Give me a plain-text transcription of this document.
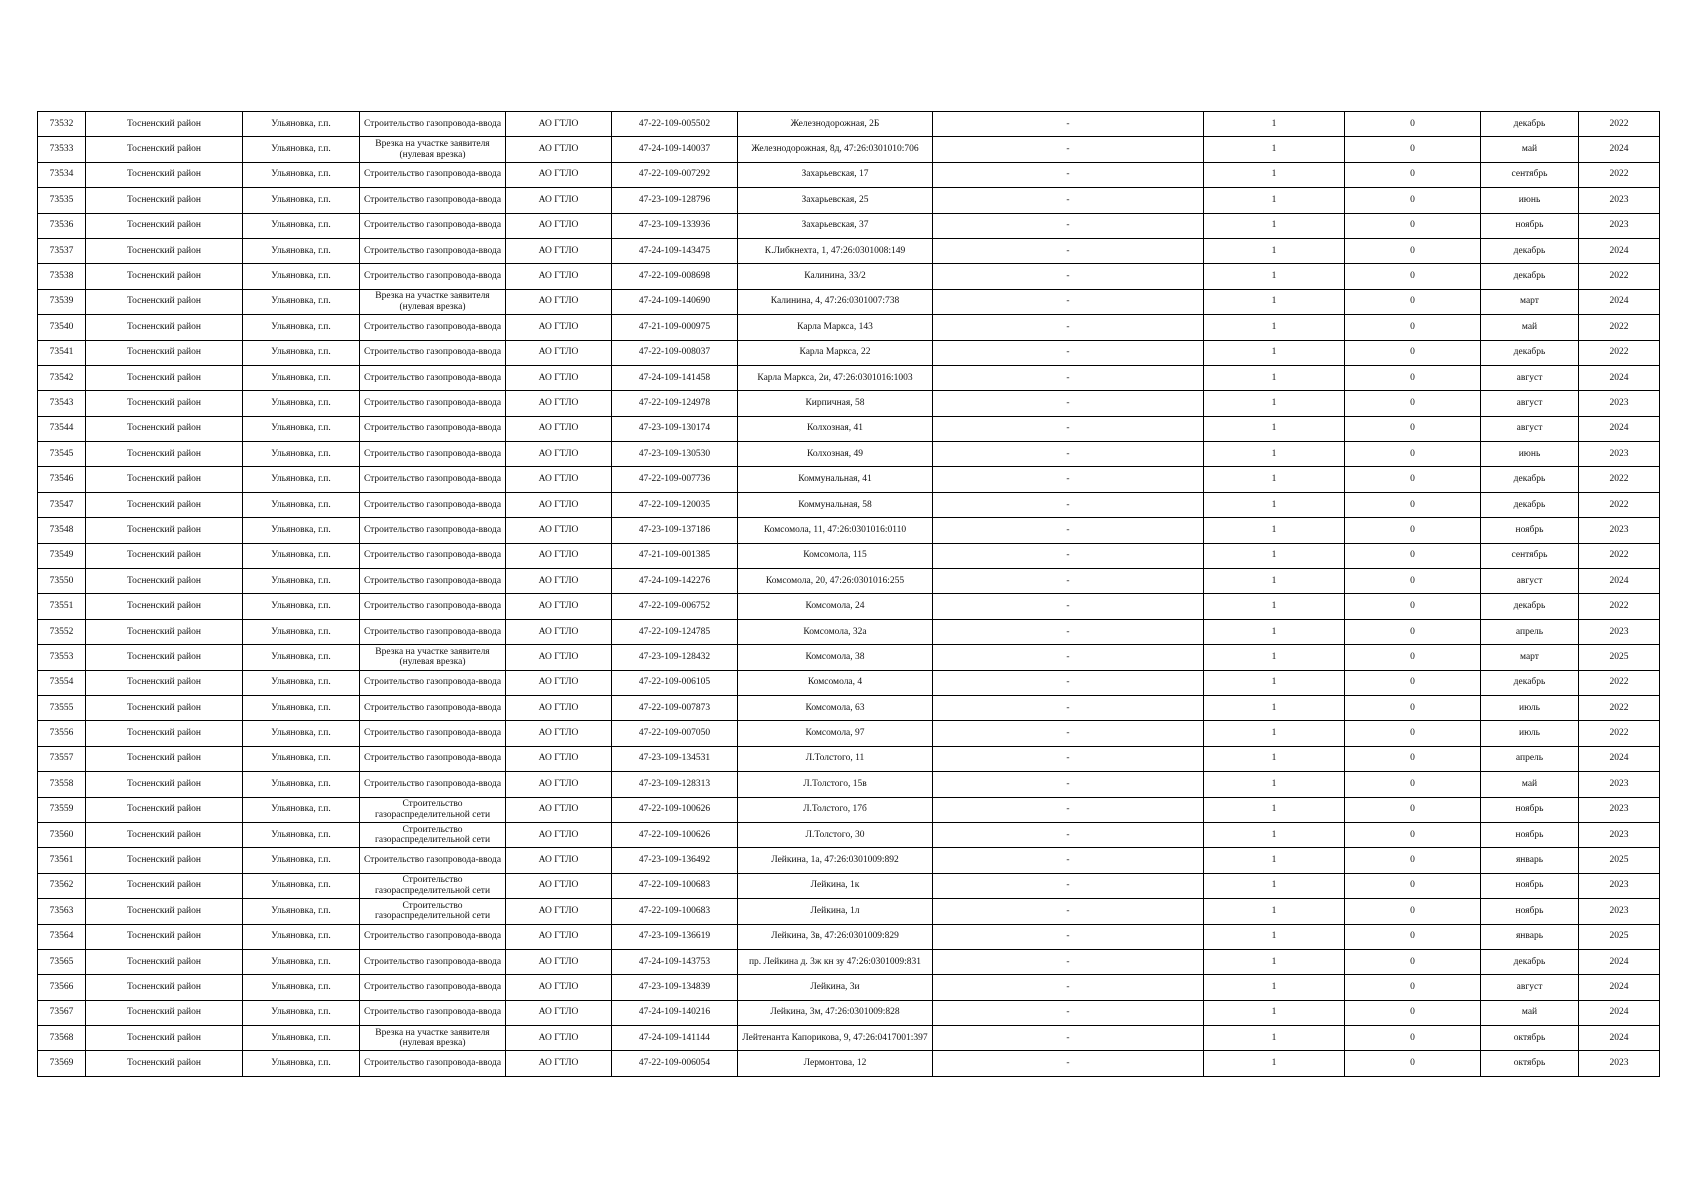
73532	Тосненский район	Ульяновка, г.п.	Строительство газопровода-ввода	АО ГТЛО	47-22-109-005502	Железнодорожная, 2Б	-	1	0	декабрь	2022
73533	Тосненский район	Ульяновка, г.п.	Врезка на участке заявителя (нулевая врезка)	АО ГТЛО	47-24-109-140037	Железнодорожная, 8д, 47:26:0301010:706	-	1	0	май	2024
73534	Тосненский район	Ульяновка, г.п.	Строительство газопровода-ввода	АО ГТЛО	47-22-109-007292	Захарьевская, 17	-	1	0	сентябрь	2022
73535	Тосненский район	Ульяновка, г.п.	Строительство газопровода-ввода	АО ГТЛО	47-23-109-128796	Захарьевская, 25	-	1	0	июнь	2023
73536	Тосненский район	Ульяновка, г.п.	Строительство газопровода-ввода	АО ГТЛО	47-23-109-133936	Захарьевская, 37	-	1	0	ноябрь	2023
73537	Тосненский район	Ульяновка, г.п.	Строительство газопровода-ввода	АО ГТЛО	47-24-109-143475	К.Либкнехта, 1, 47:26:0301008:149	-	1	0	декабрь	2024
73538	Тосненский район	Ульяновка, г.п.	Строительство газопровода-ввода	АО ГТЛО	47-22-109-008698	Калинина, 33/2	-	1	0	декабрь	2022
73539	Тосненский район	Ульяновка, г.п.	Врезка на участке заявителя (нулевая врезка)	АО ГТЛО	47-24-109-140690	Калинина, 4, 47:26:0301007:738	-	1	0	март	2024
73540	Тосненский район	Ульяновка, г.п.	Строительство газопровода-ввода	АО ГТЛО	47-21-109-000975	Карла Маркса, 143	-	1	0	май	2022
73541	Тосненский район	Ульяновка, г.п.	Строительство газопровода-ввода	АО ГТЛО	47-22-109-008037	Карла Маркса, 22	-	1	0	декабрь	2022
73542	Тосненский район	Ульяновка, г.п.	Строительство газопровода-ввода	АО ГТЛО	47-24-109-141458	Карла Маркса, 2и, 47:26:0301016:1003	-	1	0	август	2024
73543	Тосненский район	Ульяновка, г.п.	Строительство газопровода-ввода	АО ГТЛО	47-22-109-124978	Кирпичная, 58	-	1	0	август	2023
73544	Тосненский район	Ульяновка, г.п.	Строительство газопровода-ввода	АО ГТЛО	47-23-109-130174	Колхозная, 41	-	1	0	август	2024
73545	Тосненский район	Ульяновка, г.п.	Строительство газопровода-ввода	АО ГТЛО	47-23-109-130530	Колхозная, 49	-	1	0	июнь	2023
73546	Тосненский район	Ульяновка, г.п.	Строительство газопровода-ввода	АО ГТЛО	47-22-109-007736	Коммунальная, 41	-	1	0	декабрь	2022
73547	Тосненский район	Ульяновка, г.п.	Строительство газопровода-ввода	АО ГТЛО	47-22-109-120035	Коммунальная, 58	-	1	0	декабрь	2022
73548	Тосненский район	Ульяновка, г.п.	Строительство газопровода-ввода	АО ГТЛО	47-23-109-137186	Комсомола, 11, 47:26:0301016:0110	-	1	0	ноябрь	2023
73549	Тосненский район	Ульяновка, г.п.	Строительство газопровода-ввода	АО ГТЛО	47-21-109-001385	Комсомола, 115	-	1	0	сентябрь	2022
73550	Тосненский район	Ульяновка, г.п.	Строительство газопровода-ввода	АО ГТЛО	47-24-109-142276	Комсомола, 20, 47:26:0301016:255	-	1	0	август	2024
73551	Тосненский район	Ульяновка, г.п.	Строительство газопровода-ввода	АО ГТЛО	47-22-109-006752	Комсомола, 24	-	1	0	декабрь	2022
73552	Тосненский район	Ульяновка, г.п.	Строительство газопровода-ввода	АО ГТЛО	47-22-109-124785	Комсомола, 32а	-	1	0	апрель	2023
73553	Тосненский район	Ульяновка, г.п.	Врезка на участке заявителя (нулевая врезка)	АО ГТЛО	47-23-109-128432	Комсомола, 38	-	1	0	март	2025
73554	Тосненский район	Ульяновка, г.п.	Строительство газопровода-ввода	АО ГТЛО	47-22-109-006105	Комсомола, 4	-	1	0	декабрь	2022
73555	Тосненский район	Ульяновка, г.п.	Строительство газопровода-ввода	АО ГТЛО	47-22-109-007873	Комсомола, 63	-	1	0	июль	2022
73556	Тосненский район	Ульяновка, г.п.	Строительство газопровода-ввода	АО ГТЛО	47-22-109-007050	Комсомола, 97	-	1	0	июль	2022
73557	Тосненский район	Ульяновка, г.п.	Строительство газопровода-ввода	АО ГТЛО	47-23-109-134531	Л.Толстого, 11	-	1	0	апрель	2024
73558	Тосненский район	Ульяновка, г.п.	Строительство газопровода-ввода	АО ГТЛО	47-23-109-128313	Л.Толстого, 15в	-	1	0	май	2023
73559	Тосненский район	Ульяновка, г.п.	Строительство газораспределительной сети	АО ГТЛО	47-22-109-100626	Л.Толстого, 17б	-	1	0	ноябрь	2023
73560	Тосненский район	Ульяновка, г.п.	Строительство газораспределительной сети	АО ГТЛО	47-22-109-100626	Л.Толстого, 30	-	1	0	ноябрь	2023
73561	Тосненский район	Ульяновка, г.п.	Строительство газопровода-ввода	АО ГТЛО	47-23-109-136492	Лейкина, 1а, 47:26:0301009:892	-	1	0	январь	2025
73562	Тосненский район	Ульяновка, г.п.	Строительство газораспределительной сети	АО ГТЛО	47-22-109-100683	Лейкина, 1к	-	1	0	ноябрь	2023
73563	Тосненский район	Ульяновка, г.п.	Строительство газораспределительной сети	АО ГТЛО	47-22-109-100683	Лейкина, 1л	-	1	0	ноябрь	2023
73564	Тосненский район	Ульяновка, г.п.	Строительство газопровода-ввода	АО ГТЛО	47-23-109-136619	Лейкина, 3в, 47:26:0301009:829	-	1	0	январь	2025
73565	Тосненский район	Ульяновка, г.п.	Строительство газопровода-ввода	АО ГТЛО	47-24-109-143753	пр. Лейкина д. 3ж кн зу 47:26:0301009:831	-	1	0	декабрь	2024
73566	Тосненский район	Ульяновка, г.п.	Строительство газопровода-ввода	АО ГТЛО	47-23-109-134839	Лейкина, 3и	-	1	0	август	2024
73567	Тосненский район	Ульяновка, г.п.	Строительство газопровода-ввода	АО ГТЛО	47-24-109-140216	Лейкина, 3м, 47:26:0301009:828	-	1	0	май	2024
73568	Тосненский район	Ульяновка, г.п.	Врезка на участке заявителя (нулевая врезка)	АО ГТЛО	47-24-109-141144	Лейтенанта Капорикова, 9, 47:26:0417001:397	-	1	0	октябрь	2024
73569	Тосненский район	Ульяновка, г.п.	Строительство газопровода-ввода	АО ГТЛО	47-22-109-006054	Лермонтова, 12	-	1	0	октябрь	2023
